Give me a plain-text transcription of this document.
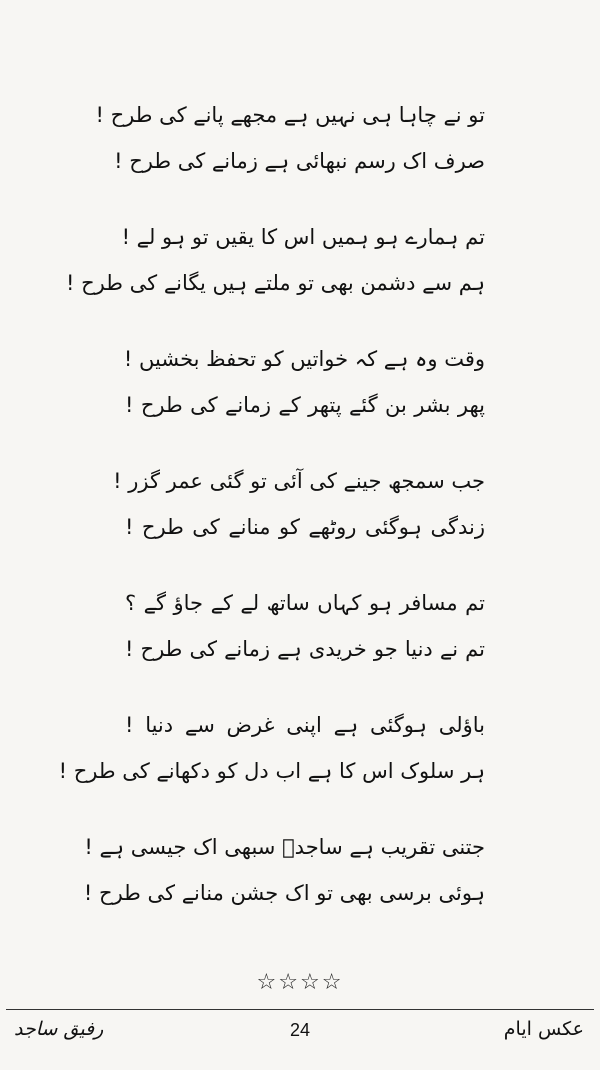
تو نے چاہا ہی نہیں ہے مجھے پانے کی طرح !
صرف اک رسم نبھائی ہے زمانے کی طرح !
تم ہمارے ہو ہمیں اس کا یقیں تو ہو لے !
ہم سے دشمن بھی تو ملتے ہیں یگانے کی طرح !
وقت وہ ہے کہ خواتیں کو تحفظ بخشیں !
پھر بشر بن گئے پتھر کے زمانے کی طرح !
جب سمجھ جینے کی آئی تو گئی عمر گزر !
زندگی ہوگئی روٹھے کو منانے کی طرح !
تم مسافر ہو کہاں ساتھ لے کے جاؤ گے ؟
تم نے دنیا جو خریدی ہے زمانے کی طرح !
باؤلی ہوگئی ہے اپنی غرض سے دنیا !
ہر سلوک اس کا ہے اب دل کو دکھانے کی طرح !
جتنی تقریب ہے ساجدؔ سبھی اک جیسی ہے !
ہوئی برسی بھی تو اک جشن منانے کی طرح !
☆☆☆☆
رفیق ساجد	24	عکس ایام
